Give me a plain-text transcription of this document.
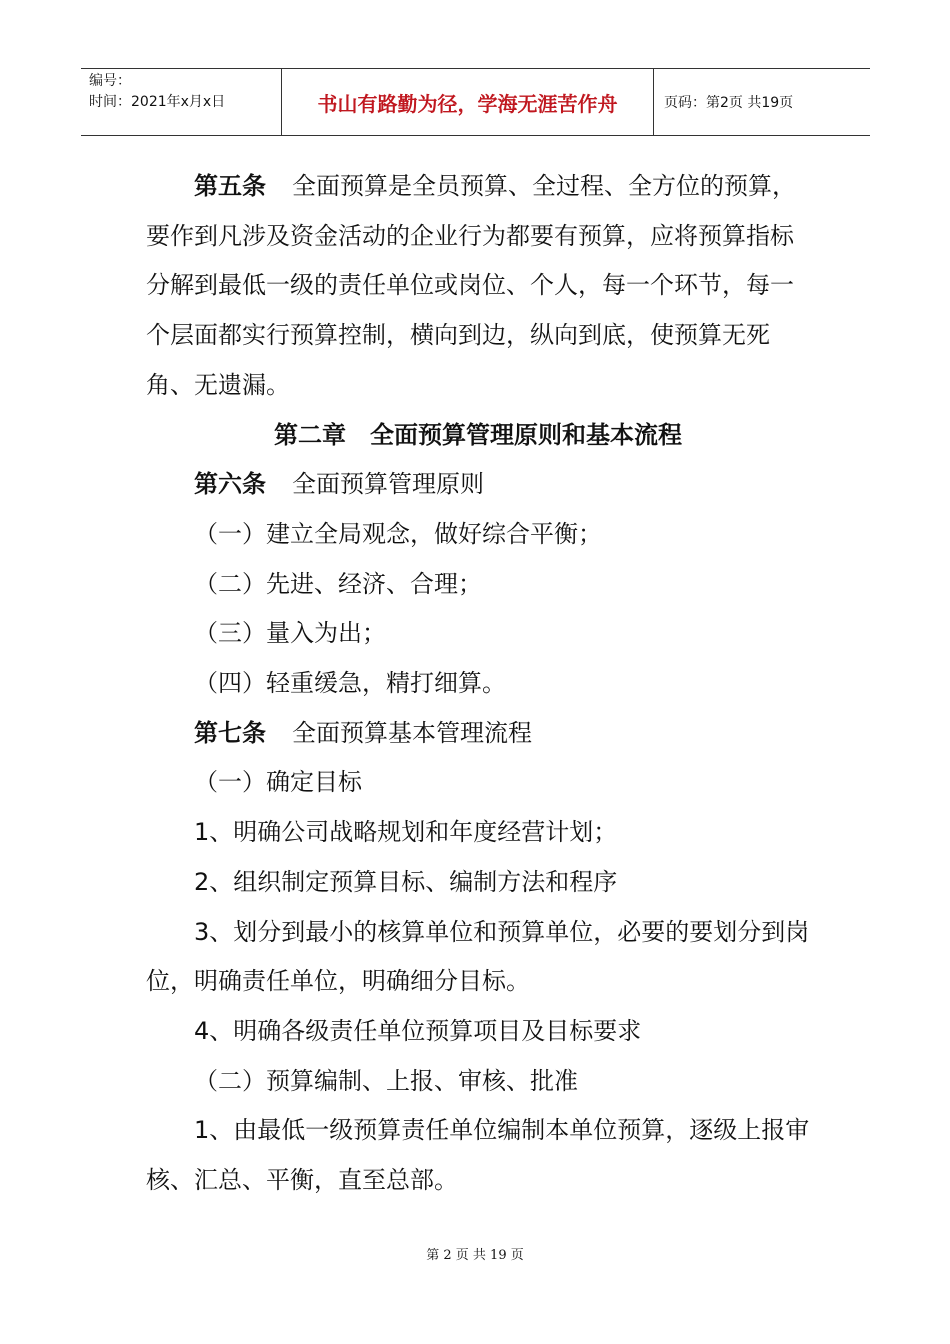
编号：
时间：2021年x月x日	书山有路勤为径，学海无涯苦作舟	页码：第2页 共19页

第五条 全面预算是全员预算、全过程、全方位的预算，要作到凡涉及资金活动的企业行为都要有预算，应将预算指标分解到最低一级的责任单位或岗位、个人，每一个环节，每一个层面都实行预算控制，横向到边，纵向到底，使预算无死角、无遗漏。

第二章　全面预算管理原则和基本流程

第六条 全面预算管理原则

（一）建立全局观念，做好综合平衡；

（二）先进、经济、合理；

（三）量入为出；

（四）轻重缓急，精打细算。

第七条 全面预算基本管理流程

（一）确定目标

1、明确公司战略规划和年度经营计划；

2、组织制定预算目标、编制方法和程序

3、划分到最小的核算单位和预算单位，必要的要划分到岗位，明确责任单位，明确细分目标。

4、明确各级责任单位预算项目及目标要求

（二）预算编制、上报、审核、批准

1、由最低一级预算责任单位编制本单位预算，逐级上报审核、汇总、平衡，直至总部。

第 2 页 共 19 页
